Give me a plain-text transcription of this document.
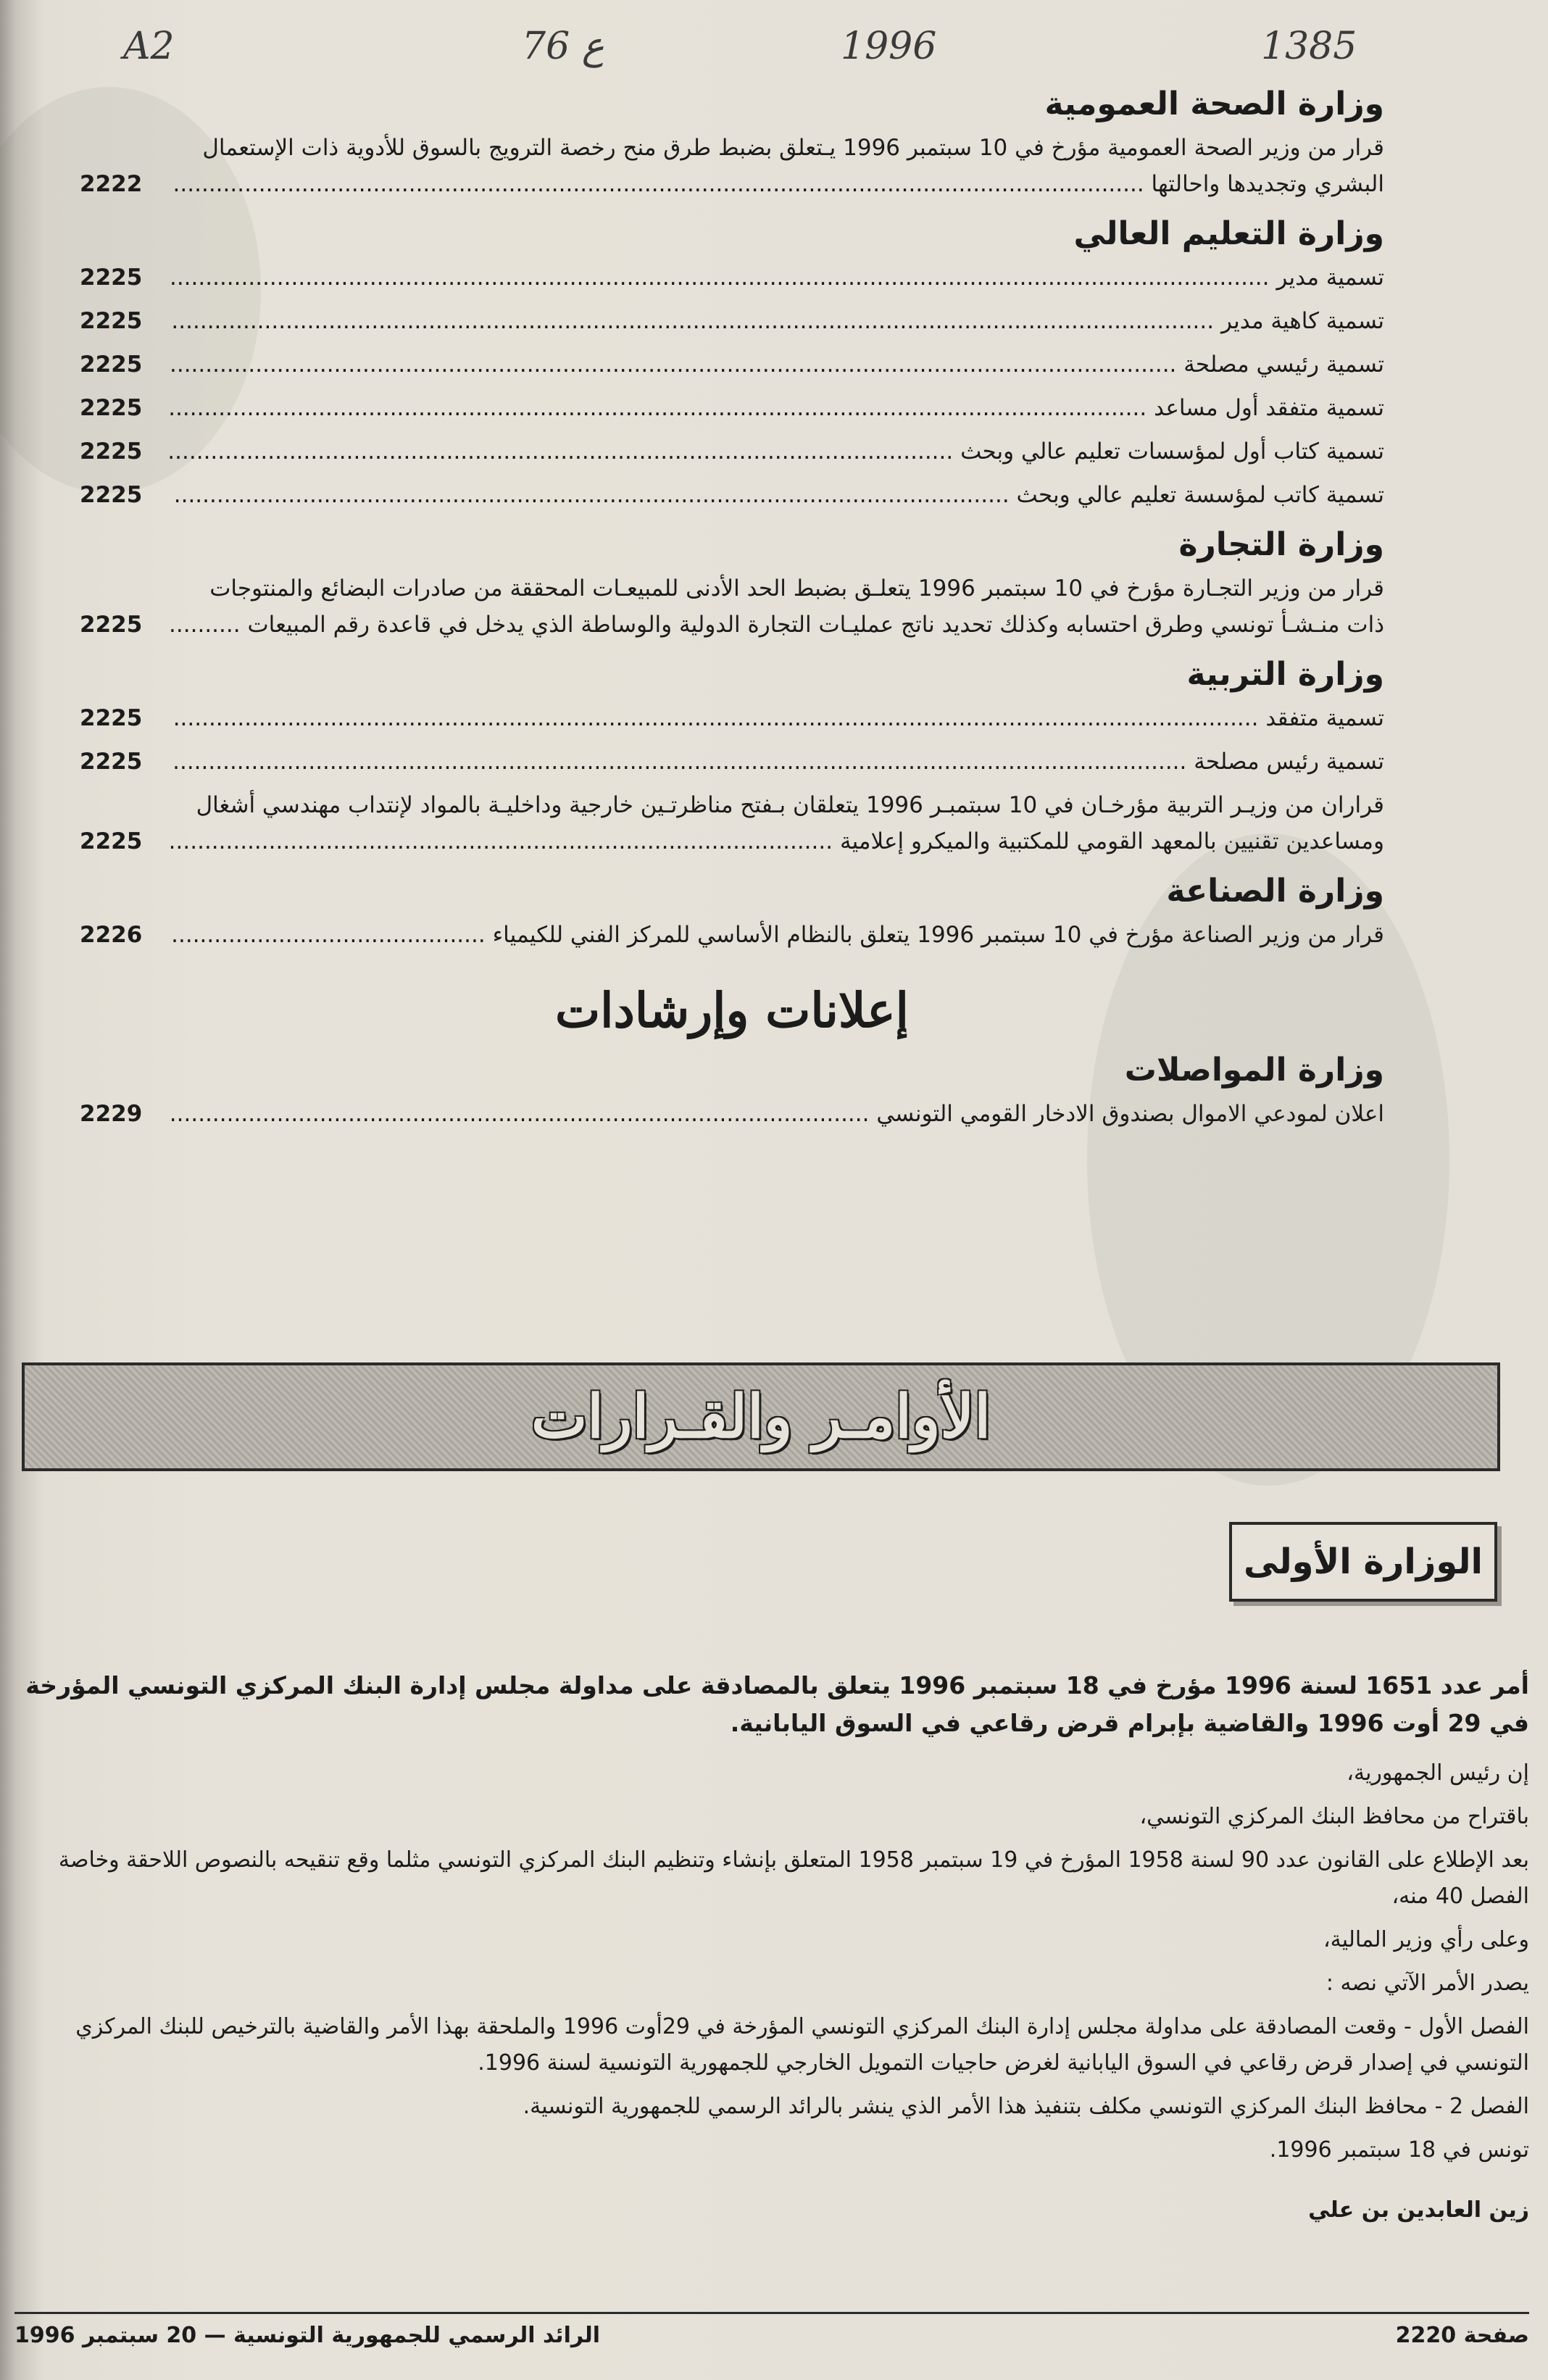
A2	76 ع	1996	1385
وزارة الصحة العمومية
قرار من وزير الصحة العمومية مؤرخ في 10 سبتمبر 1996 يـتعلق بضبط طرق منح رخصة الترويج بالسوق للأدوية ذات الإستعمال البشري وتجديدها واحالتها ........................................................................................................................................
2222
وزارة التعليم العالي
تسمية مدير ..........................................................................................................................................................
2225
تسمية كاهية مدير ..................................................................................................................................................
2225
تسمية رئيسي مصلحة .............................................................................................................................................
2225
تسمية متفقد أول مساعد .........................................................................................................................................
2225
تسمية كتاب أول لمؤسسات تعليم عالي وبحث ..............................................................................................................
2225
تسمية كاتب لمؤسسة تعليم عالي وبحث .....................................................................................................................
2225
وزارة التجارة
قرار من وزير التجـارة مؤرخ في 10 سبتمبر 1996 يتعلـق بضبط الحد الأدنى للمبيعـات المحققة من صادرات البضائع والمنتوجات ذات منـشـأ تونسي وطرق احتسابه وكذلك تحديد ناتج عمليـات التجارة الدولية والوساطة الذي يدخل في قاعدة رقم المبيعات ..........
2225
وزارة التربية
تسمية متفقد ........................................................................................................................................................
2225
تسمية رئيس مصلحة ..............................................................................................................................................
2225
قراران من وزيـر التربية مؤرخـان في 10 سبتمبـر 1996 يتعلقان بـفتح مناظرتـين خارجية وداخليـة بالمواد لإنتداب مهندسي أشغال ومساعدين تقنيين بالمعهد القومي للمكتبية والميكرو إعلامية .............................................................................................
2225
وزارة الصناعة
قرار من وزير الصناعة مؤرخ في 10 سبتمبر 1996 يتعلق بالنظام الأساسي للمركز الفني للكيمياء ............................................
2226
إعلانات وإرشادات
وزارة المواصلات
اعلان لمودعي الاموال بصندوق الادخار القومي التونسي ..................................................................................................
2229
الأوامـر والقـرارات
الوزارة الأولى
أمر عدد 1651 لسنة 1996 مؤرخ في 18 سبتمبر 1996 يتعلق بالمصادقة على مداولة مجلس إدارة البنك المركزي التونسي المؤرخة في 29 أوت 1996 والقاضية بإبرام قرض رقاعي في السوق اليابانية.
إن رئيس الجمهورية،
باقتراح من محافظ البنك المركزي التونسي،
بعد الإطلاع على القانون عدد 90 لسنة 1958 المؤرخ في 19 سبتمبر 1958 المتعلق بإنشاء وتنظيم البنك المركزي التونسي مثلما وقع تنقيحه بالنصوص اللاحقة وخاصة الفصل 40 منه،
وعلى رأي وزير المالية،
يصدر الأمر الآتي نصه :
الفصل الأول - وقعت المصادقة على مداولة مجلس إدارة البنك المركزي التونسي المؤرخة في 29أوت 1996 والملحقة بهذا الأمر والقاضية بالترخيص للبنك المركزي التونسي في إصدار قرض رقاعي في السوق اليابانية لغرض حاجيات التمويل الخارجي للجمهورية التونسية لسنة 1996.
الفصل 2 - محافظ البنك المركزي التونسي مكلف بتنفيذ هذا الأمر الذي ينشر بالرائد الرسمي للجمهورية التونسية.
تونس في 18 سبتمبر 1996.
زين العابدين بن علي
صفحة 2220
الرائد الرسمي للجمهورية التونسية — 20 سبتمبر 1996
